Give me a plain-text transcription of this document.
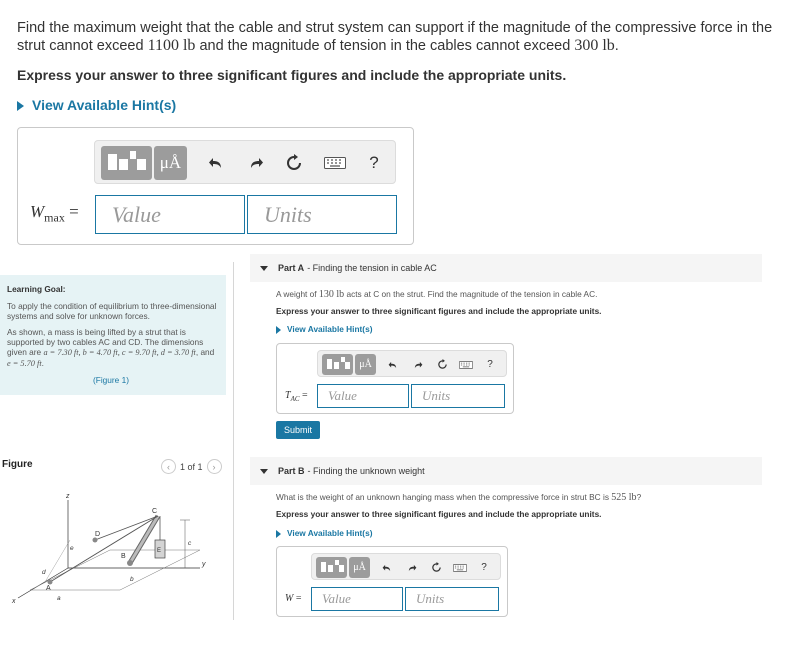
Find the maximum weight that the cable and strut system can support if the magnitude of the compressive force in the strut cannot exceed 1100 lb and the magnitude of tension in the cables cannot exceed 300 lb.
Express your answer to three significant figures and include the appropriate units.
View Available Hint(s)
μÅ	?
$W_{max}$ =	Value	Units
Learning Goal:

To apply the condition of equilibrium to three-dimensional systems and solve for unknown forces.

As shown, a mass is being lifted by a strut that is supported by two cables AC and CD. The dimensions given are a = 7.30 ft, b = 4.70 ft, c = 9.70 ft, d = 3.70 ft, and e = 5.70 ft.

(Figure 1)
Figure	‹	1 of 1	›
z
y
x
C
D
B
A
E
a
b
c
d
e
Part A - Finding the tension in cable AC
A weight of 130 lb acts at C on the strut. Find the magnitude of the tension in cable AC.
Express your answer to three significant figures and include the appropriate units.
View Available Hint(s)
μÅ	?
$T_{AC}$ =	Value	Units
Submit
Part B - Finding the unknown weight
What is the weight of an unknown hanging mass when the compressive force in strut BC is 525 lb?
Express your answer to three significant figures and include the appropriate units.
View Available Hint(s)
μÅ	?
W =	Value	Units
